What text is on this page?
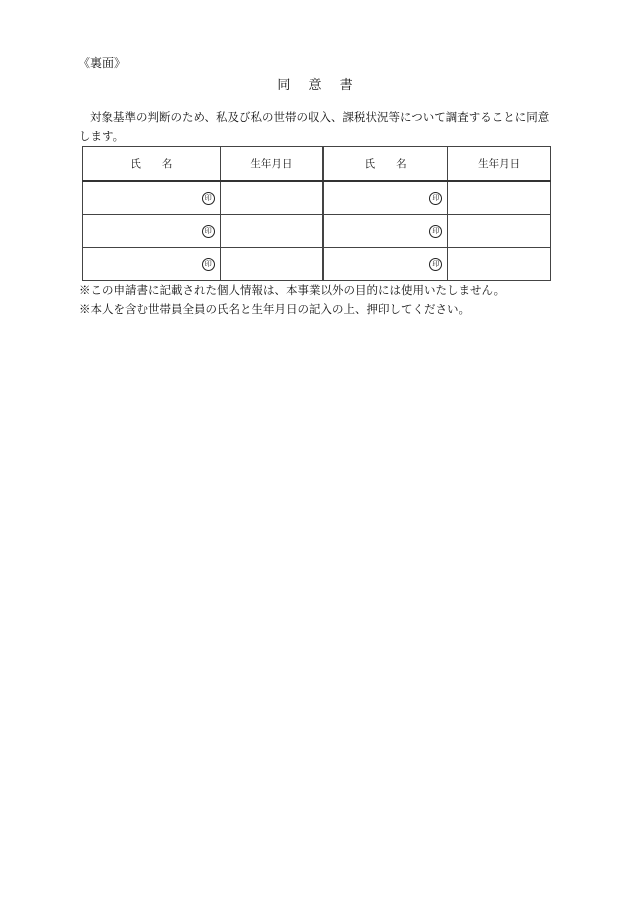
《裏面》
同 意 書
対象基準の判断のため、私及び私の世帯の収入、課税状況等について調査することに同意します。
氏　　名	生年月日	氏　　名	生年月日
印		印	
印		印	
印		印	
※この申請書に記載された個人情報は、本事業以外の目的には使用いたしません。
※本人を含む世帯員全員の氏名と生年月日の記入の上、押印してください。
